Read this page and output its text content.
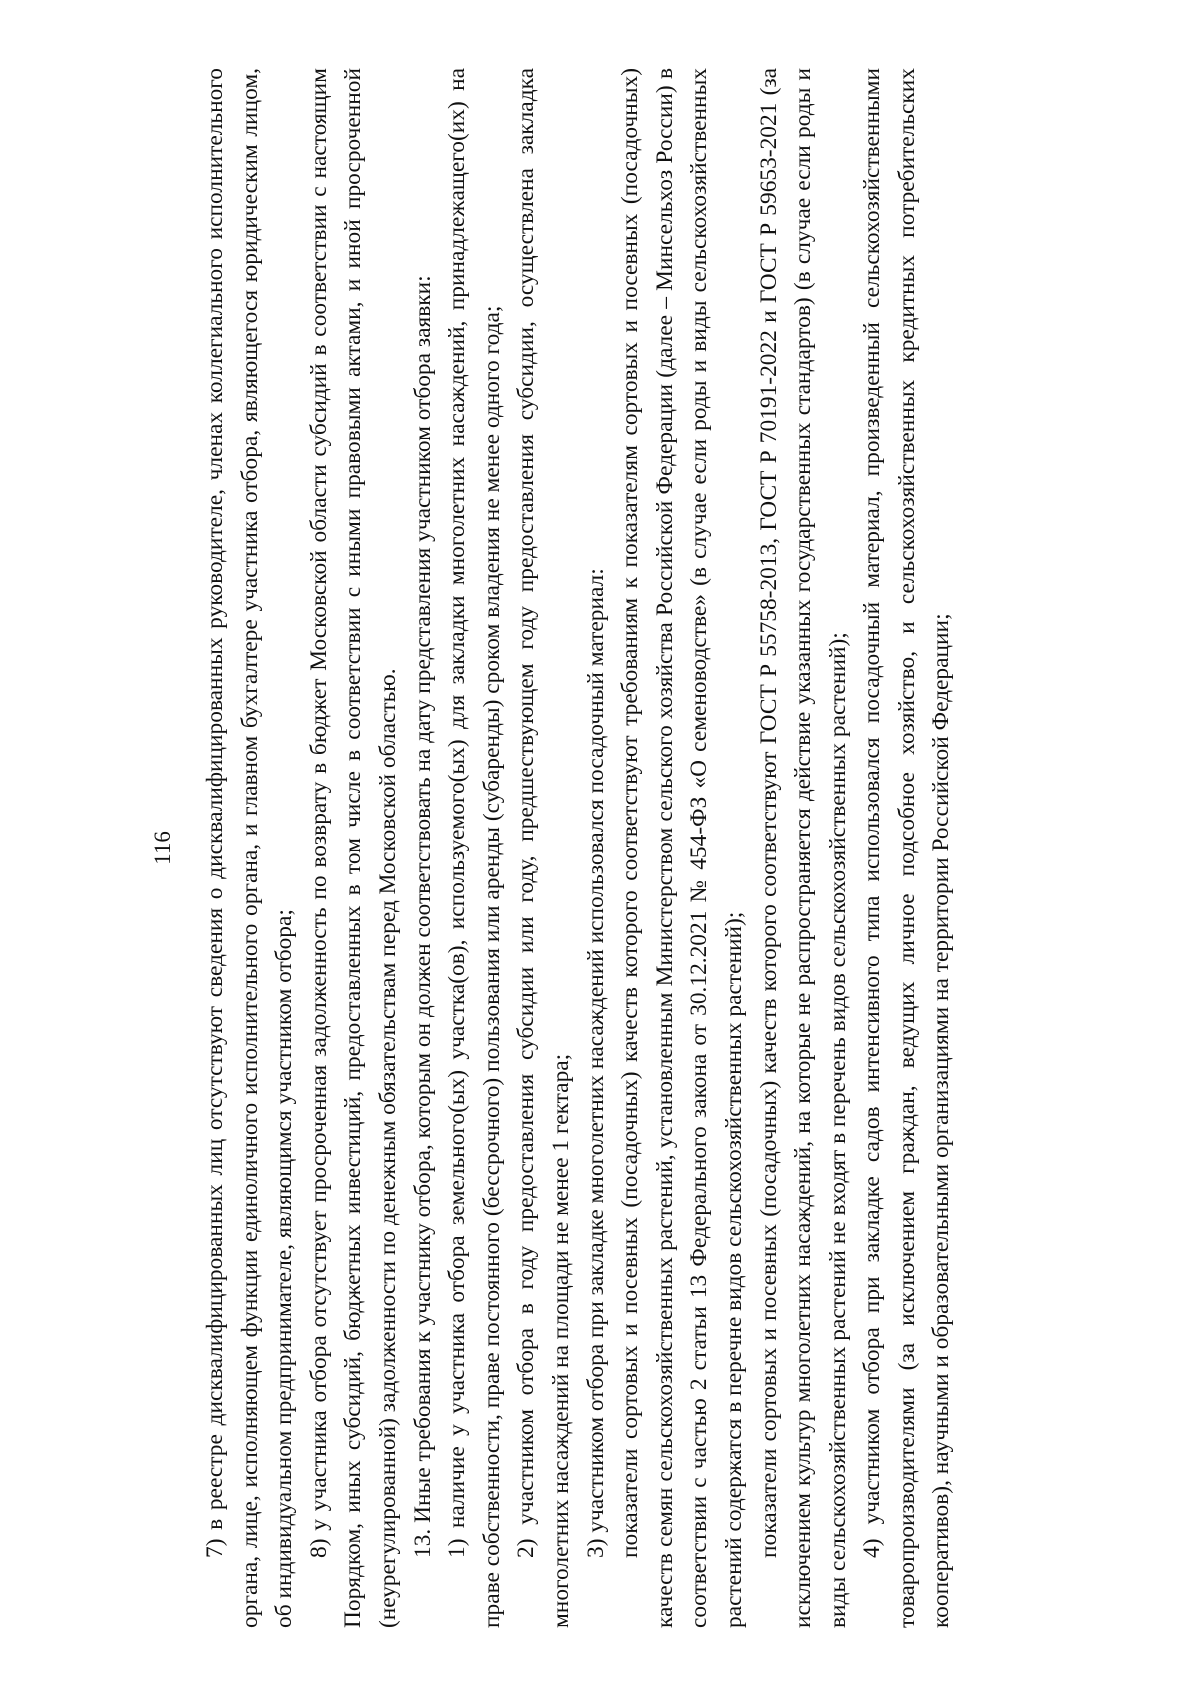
116 7) в реестре дисквалифицированных лиц отсутствуют сведения о дисквалифицированных руководителе, членах коллегиального исполнительного органа, лице, исполняющем функции единоличного исполнительного органа, и главном бухгалтере участника отбора, являющегося юридическим лицом, об индивидуальном предпринимателе, являющимся участником отбора; 8) у участника отбора отсутствует просроченная задолженность по возврату в бюджет Московской области субсидий в соответствии с настоящим Порядком, иных субсидий, бюджетных инвестиций, предоставленных в том числе в соответствии с иными правовыми актами, и иной просроченной (неурегулированной) задолженности по денежным обязательствам перед Московской областью. 13. Иные требования к участнику отбора, которым он должен соответствовать на дату представления участником отбора заявки: 1) наличие у участника отбора земельного(ых) участка(ов), используемого(ых) для закладки многолетних насаждений, принадлежащего(их) на праве собственности, праве постоянного (бессрочного) пользования или аренды (субаренды) сроком владения не менее одного года; 2) участником отбора в году предоставления субсидии или году, предшествующем году предоставления субсидии, осуществлена закладка многолетних насаждений на площади не менее 1 гектара; 3) участником отбора при закладке многолетних насаждений использовался посадочный материал: показатели сортовых и посевных (посадочных) качеств которого соответствуют требованиям к показателям сортовых и посевных (посадочных) качеств семян сельскохозяйственных растений, установленным Министерством сельского хозяйства Российской Федерации (далее – Минсельхоз России) в соответствии с частью 2 статьи 13 Федерального закона от 30.12.2021 № 454-ФЗ «О семеноводстве» (в случае если роды и виды сельскохозяйственных растений содержатся в перечне видов сельскохозяйственных растений); показатели сортовых и посевных (посадочных) качеств которого соответствуют ГОСТ Р 55758-2013, ГОСТ Р 70191-2022 и ГОСТ Р 59653-2021 (за исключением культур многолетних насаждений, на которые не распространяется действие указанных государственных стандартов) (в случае если роды и виды сельскохозяйственных растений не входят в перечень видов сельскохозяйственных растений); 4) участником отбора при закладке садов интенсивного типа использовался посадочный материал, произведенный сельскохозяйственными товаропроизводителями (за исключением граждан, ведущих личное подсобное хозяйство, и сельскохозяйственных кредитных потребительских кооперативов), научными и образовательными организациями на территории Российской Федерации;
